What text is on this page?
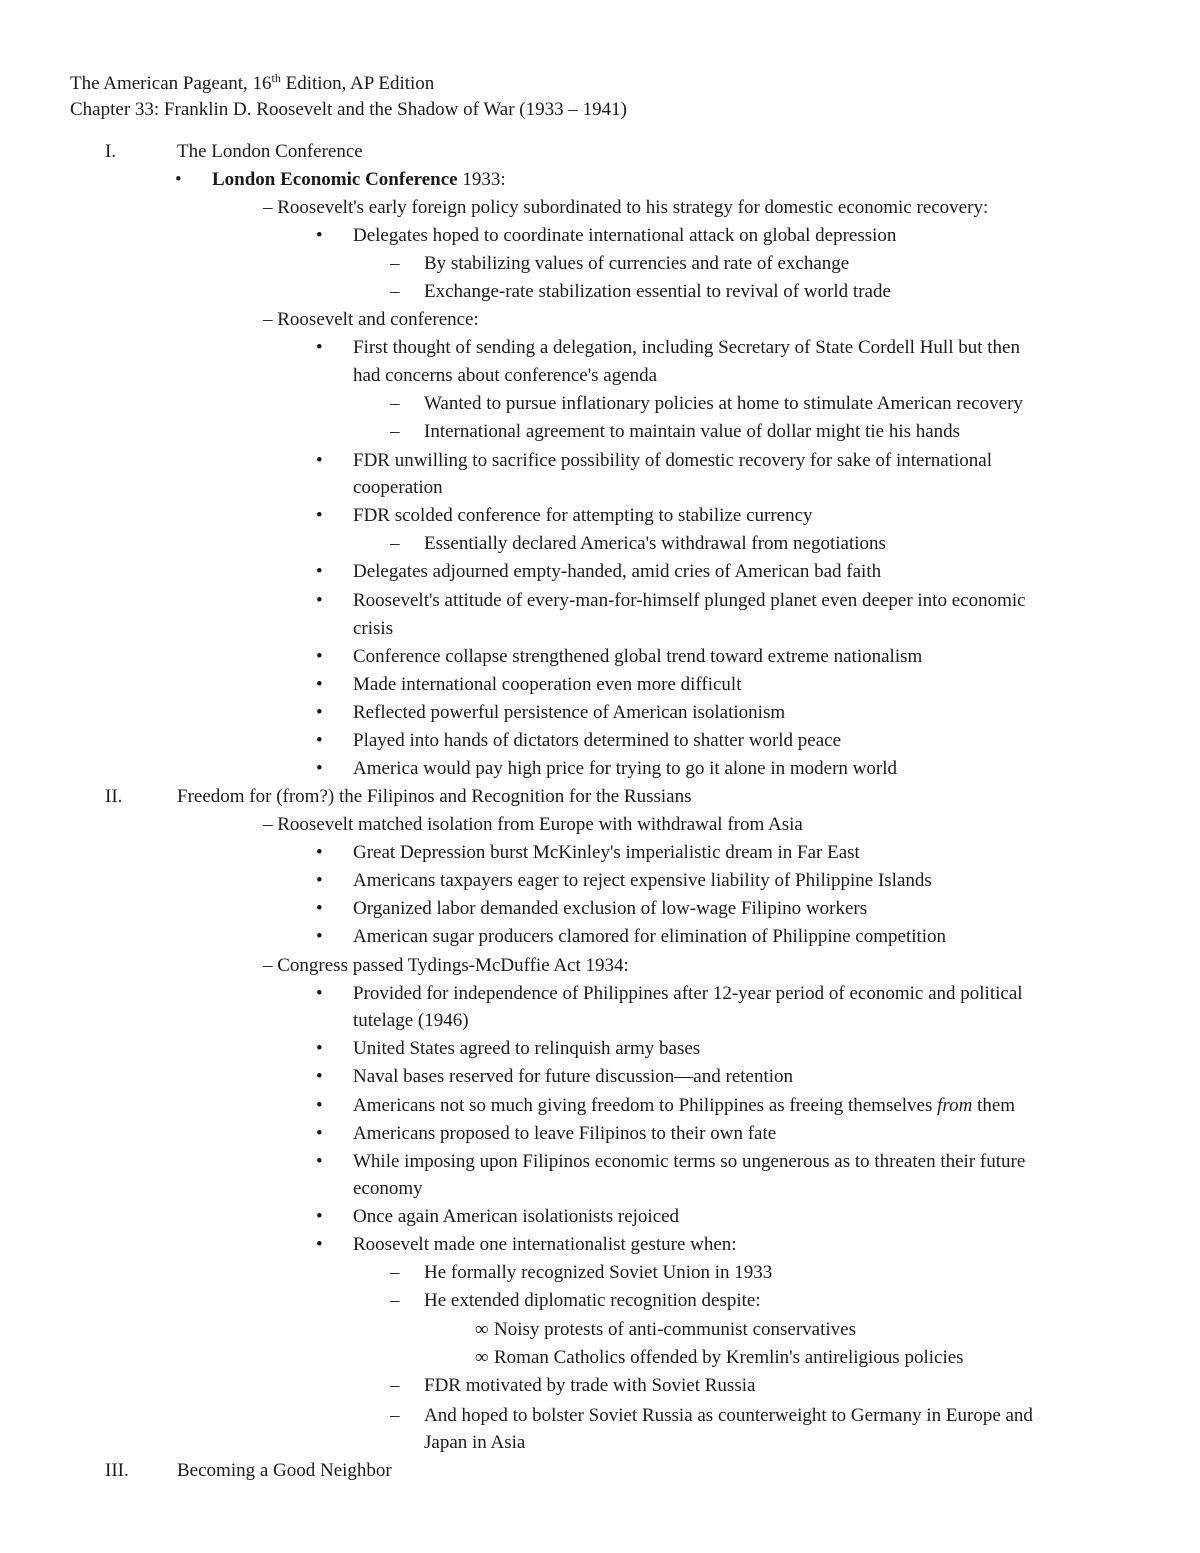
The American Pageant, 16th Edition, AP Edition
Chapter 33: Franklin D. Roosevelt and the Shadow of War (1933 – 1941)
I.	The London Conference
• London Economic Conference 1933:
– Roosevelt's early foreign policy subordinated to his strategy for domestic economic recovery:
• Delegates hoped to coordinate international attack on global depression
– By stabilizing values of currencies and rate of exchange
– Exchange-rate stabilization essential to revival of world trade
– Roosevelt and conference:
• First thought of sending a delegation, including Secretary of State Cordell Hull but then
had concerns about conference's agenda
– Wanted to pursue inflationary policies at home to stimulate American recovery
– International agreement to maintain value of dollar might tie his hands
• FDR unwilling to sacrifice possibility of domestic recovery for sake of international
cooperation
• FDR scolded conference for attempting to stabilize currency
– Essentially declared America's withdrawal from negotiations
• Delegates adjourned empty-handed, amid cries of American bad faith
• Roosevelt's attitude of every-man-for-himself plunged planet even deeper into economic
crisis
• Conference collapse strengthened global trend toward extreme nationalism
• Made international cooperation even more difficult
• Reflected powerful persistence of American isolationism
• Played into hands of dictators determined to shatter world peace
• America would pay high price for trying to go it alone in modern world
II.	Freedom for (from?) the Filipinos and Recognition for the Russians
– Roosevelt matched isolation from Europe with withdrawal from Asia
• Great Depression burst McKinley's imperialistic dream in Far East
• Americans taxpayers eager to reject expensive liability of Philippine Islands
• Organized labor demanded exclusion of low-wage Filipino workers
• American sugar producers clamored for elimination of Philippine competition
– Congress passed Tydings-McDuffie Act 1934:
• Provided for independence of Philippines after 12-year period of economic and political
tutelage (1946)
• United States agreed to relinquish army bases
• Naval bases reserved for future discussion—and retention
• Americans not so much giving freedom to Philippines as freeing themselves from them
• Americans proposed to leave Filipinos to their own fate
• While imposing upon Filipinos economic terms so ungenerous as to threaten their future
economy
• Once again American isolationists rejoiced
• Roosevelt made one internationalist gesture when:
– He formally recognized Soviet Union in 1933
– He extended diplomatic recognition despite:
∞ Noisy protests of anti-communist conservatives
∞ Roman Catholics offended by Kremlin's antireligious policies
– FDR motivated by trade with Soviet Russia
– And hoped to bolster Soviet Russia as counterweight to Germany in Europe and
Japan in Asia
III.	Becoming a Good Neighbor
